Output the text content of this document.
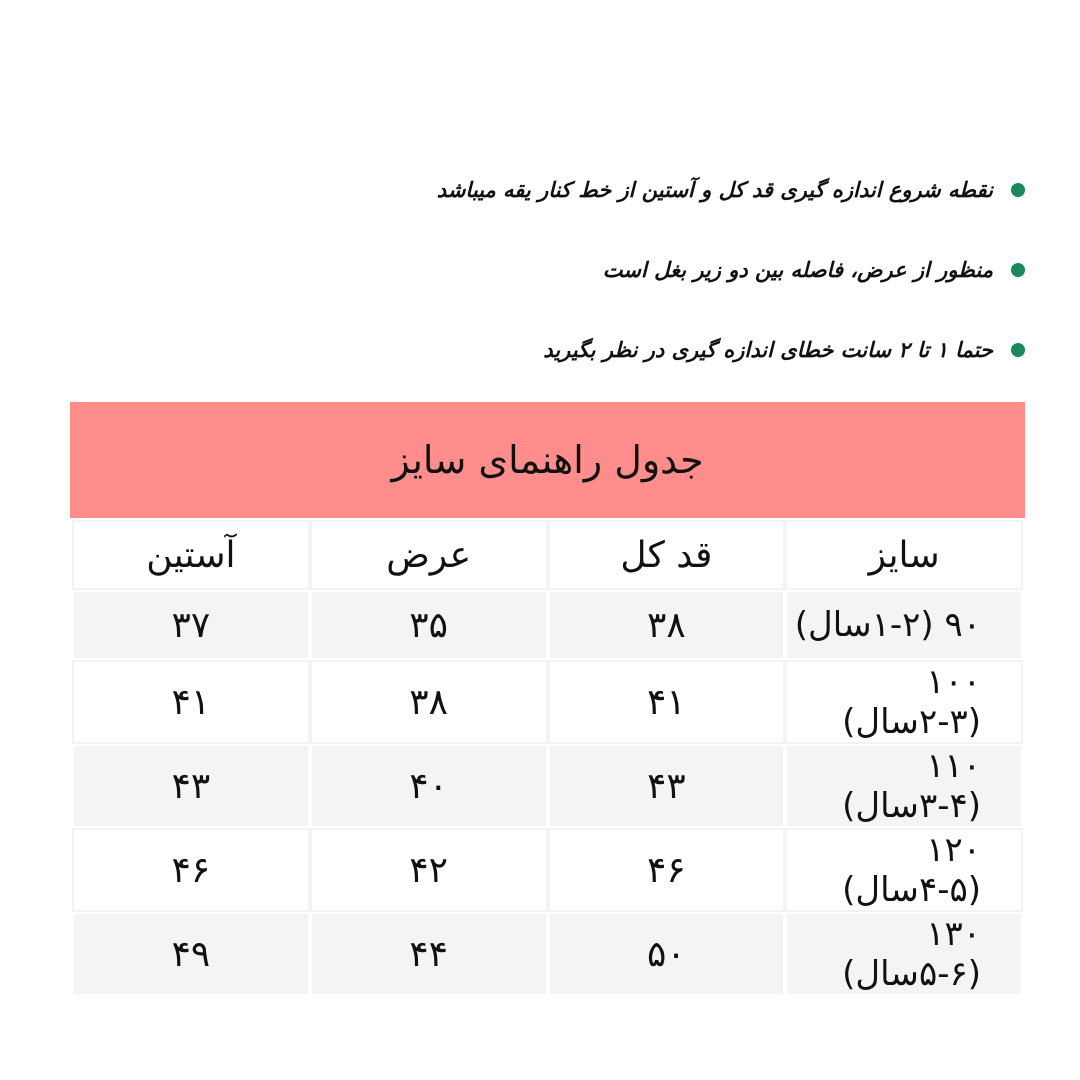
نقطه شروع اندازه گیری قد کل و آستین از خط کنار یقه میباشد

منظور از عرض، فاصله بین دو زیر بغل است

حتما ۱ تا ۲ سانت خطای اندازه گیری در نظر بگیرید

جدول راهنمای سایز
سایز	قد کل	عرض	آستین
۹۰ (۱-۲سال)	۳۸	۳۵	۳۷
۱۰۰ (۲-۳سال)	۴۱	۳۸	۴۱
۱۱۰ (۳-۴سال)	۴۳	۴۰	۴۳
۱۲۰ (۴-۵سال)	۴۶	۴۲	۴۶
۱۳۰ (۵-۶سال)	۵۰	۴۴	۴۹
